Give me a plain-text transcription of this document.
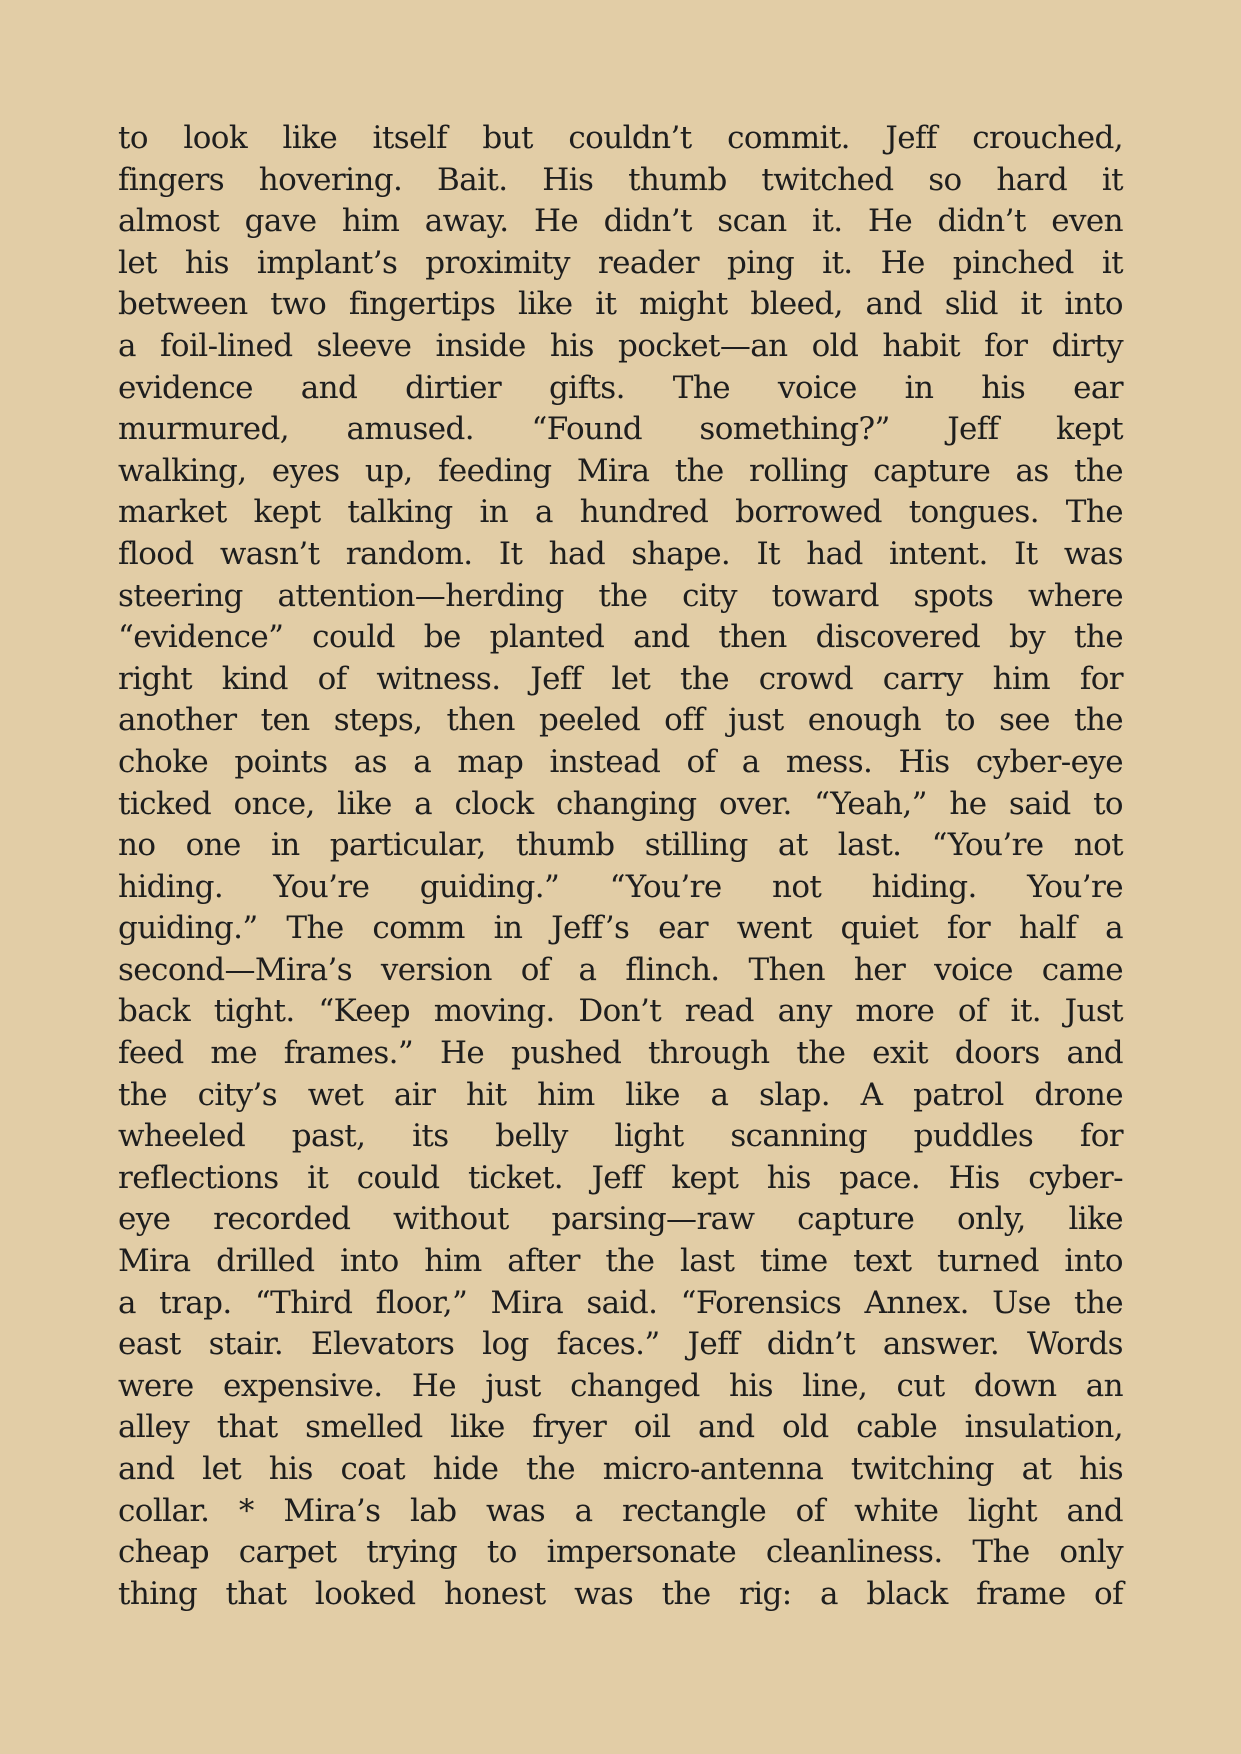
to look like itself but couldn’t commit. Jeff crouched,
fingers hovering. Bait. His thumb twitched so hard it
almost gave him away. He didn’t scan it. He didn’t even
let his implant’s proximity reader ping it. He pinched it
between two fingertips like it might bleed, and slid it into
a foil-lined sleeve inside his pocket—an old habit for dirty
evidence and dirtier gifts. The voice in his ear
murmured, amused. “Found something?” Jeff kept
walking, eyes up, feeding Mira the rolling capture as the
market kept talking in a hundred borrowed tongues. The
flood wasn’t random. It had shape. It had intent. It was
steering attention—herding the city toward spots where
“evidence” could be planted and then discovered by the
right kind of witness. Jeff let the crowd carry him for
another ten steps, then peeled off just enough to see the
choke points as a map instead of a mess. His cyber-eye
ticked once, like a clock changing over. “Yeah,” he said to
no one in particular, thumb stilling at last. “You’re not
hiding. You’re guiding.” “You’re not hiding. You’re
guiding.” The comm in Jeff’s ear went quiet for half a
second—Mira’s version of a flinch. Then her voice came
back tight. “Keep moving. Don’t read any more of it. Just
feed me frames.” He pushed through the exit doors and
the city’s wet air hit him like a slap. A patrol drone
wheeled past, its belly light scanning puddles for
reflections it could ticket. Jeff kept his pace. His cyber-
eye recorded without parsing—raw capture only, like
Mira drilled into him after the last time text turned into
a trap. “Third floor,” Mira said. “Forensics Annex. Use the
east stair. Elevators log faces.” Jeff didn’t answer. Words
were expensive. He just changed his line, cut down an
alley that smelled like fryer oil and old cable insulation,
and let his coat hide the micro-antenna twitching at his
collar. * Mira’s lab was a rectangle of white light and
cheap carpet trying to impersonate cleanliness. The only
thing that looked honest was the rig: a black frame of
